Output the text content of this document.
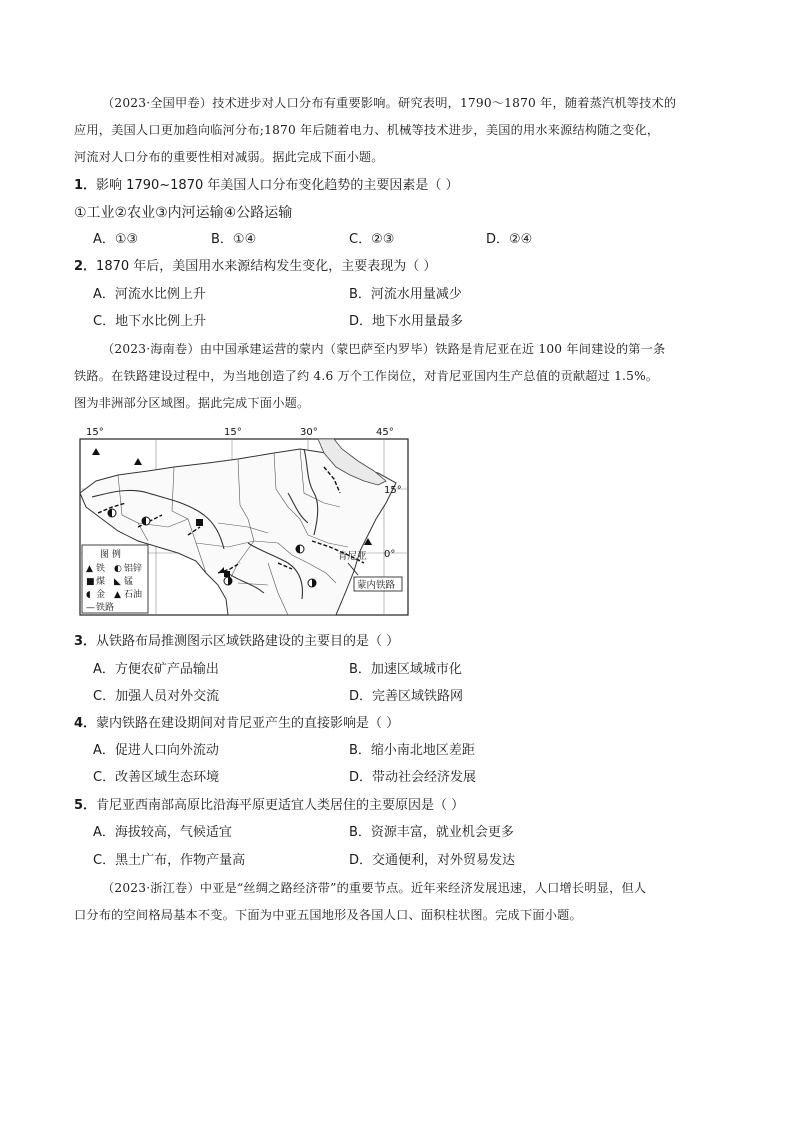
（2023·全国甲卷）技术进步对人口分布有重要影响。研究表明，1790～1870 年，随着蒸汽机等技术的
应用，美国人口更加趋向临河分布;1870 年后随着电力、机械等技术进步，美国的用水来源结构随之变化，
河流对人口分布的重要性相对减弱。据此完成下面小题。
1．影响 1790~1870 年美国人口分布变化趋势的主要因素是（ ）
①工业②农业③内河运输④公路运输
A．①③	B．①④	C．②③	D．②④
2．1870 年后，美国用水来源结构发生变化，主要表现为（ ）
A．河流水比例上升	B．河流水用量减少
C．地下水比例上升	D．地下水用量最多
（2023·海南卷）由中国承建运营的蒙内（蒙巴萨至内罗毕）铁路是肯尼亚在近 100 年间建设的第一条
铁路。在铁路建设过程中，为当地创造了约 4.6 万个工作岗位，对肯尼亚国内生产总值的贡献超过 1.5%。
图为非洲部分区域图。据此完成下面小题。
15°	15°	30°	45°
15°
0°
肯尼亚
蒙内铁路
图 例
▲ 铁 ◐ 铝锌
■ 煤 ◣ 锰
◖ 金 ▲ 石油
— 铁路
3．从铁路布局推测图示区域铁路建设的主要目的是（ ）
A．方便农矿产品输出	B．加速区域城市化
C．加强人员对外交流	D．完善区域铁路网
4．蒙内铁路在建设期间对肯尼亚产生的直接影响是（ ）
A．促进人口向外流动	B．缩小南北地区差距
C．改善区域生态环境	D．带动社会经济发展
5．肯尼亚西南部高原比沿海平原更适宜人类居住的主要原因是（ ）
A．海拔较高，气候适宜	B．资源丰富，就业机会更多
C．黑土广布，作物产量高	D．交通便利，对外贸易发达
（2023·浙江卷）中亚是“丝绸之路经济带”的重要节点。近年来经济发展迅速，人口增长明显，但人
口分布的空间格局基本不变。下面为中亚五国地形及各国人口、面积柱状图。完成下面小题。
